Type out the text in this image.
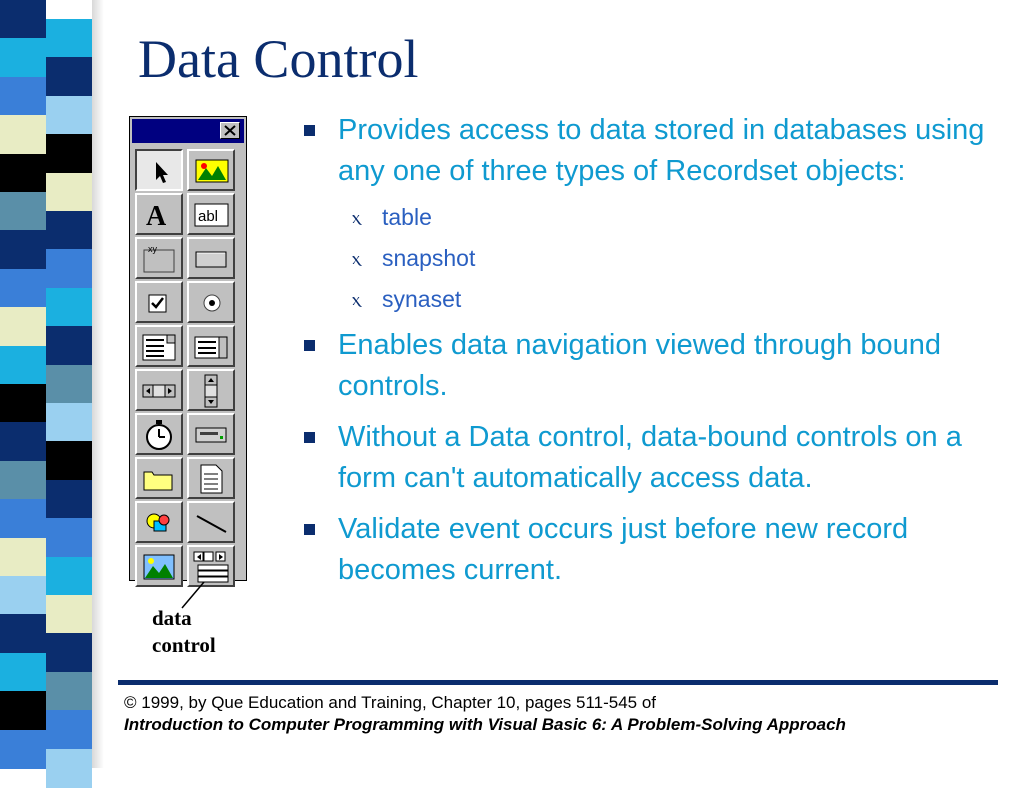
Data Control
A abl
xy
data
control
Provides access to data stored in databases using any one of three types of Recordset objects:
ⲭ table
ⲭ snapshot
ⲭ synaset
Enables data navigation viewed through bound controls.
Without a Data control, data-bound controls on a form can't automatically access data.
Validate event occurs just before new record becomes current.
© 1999, by Que Education and Training, Chapter 10, pages 511-545 of
Introduction to Computer Programming with Visual Basic 6: A Problem-Solving Approach
